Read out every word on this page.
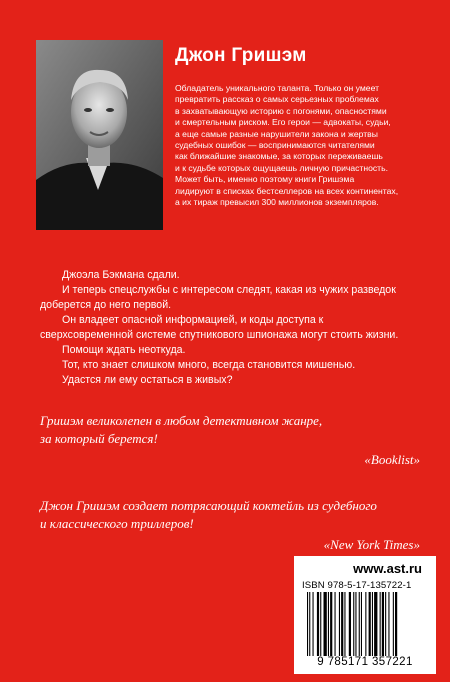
Джон Гришэм

Обладатель уникального таланта. Только он умеет
превратить рассказ о самых серьезных проблемах
в захватывающую историю с погонями, опасностями
и смертельным риском. Его герои — адвокаты, судьи,
а еще самые разные нарушители закона и жертвы
судебных ошибок — воспринимаются читателями
как ближайшие знакомые, за которых переживаешь
и к судьбе которых ощущаешь личную причастность.
Может быть, именно поэтому книги Гришэма
лидируют в списках бестселлеров на всех континентах,
а их тираж превысил 300 миллионов экземпляров.

Джоэла Бэкмана сдали.
И теперь спецслужбы с интересом следят, какая из чужих разведок доберется до него первой.
Он владеет опасной информацией, и коды доступа к сверхсовременной системе спутникового шпионажа могут стоить жизни.
Помощи ждать неоткуда.
Тот, кто знает слишком много, всегда становится мишенью.
Удастся ли ему остаться в живых?
Гришэм великолепен в любом детективном жанре,
за который берется!
«Booklist»
Джон Гришэм создает потрясающий коктейль из судебного
и классического триллеров!
«New York Times»
www.ast.ru
ISBN 978-5-17-135722-1
9 785171 357221
